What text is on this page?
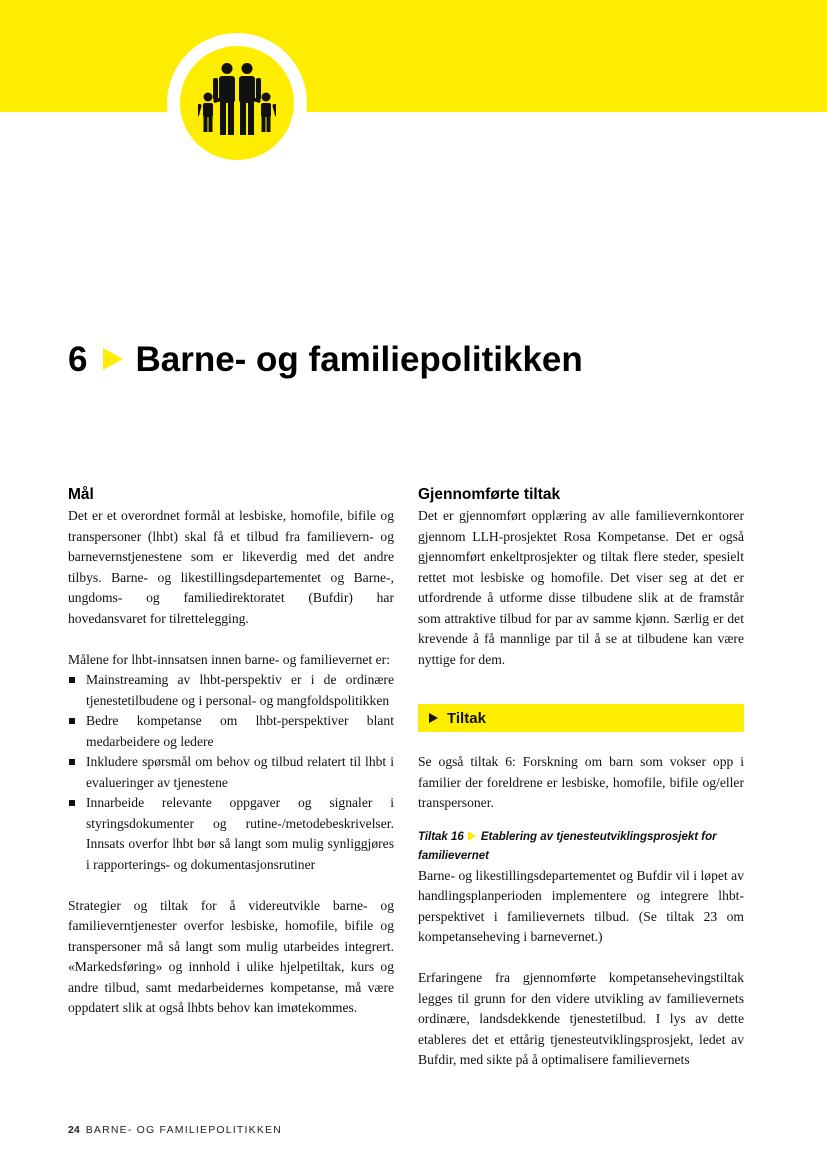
6 Barne- og familiepolitikken
Mål

Det er et overordnet formål at lesbiske, homofile, bifile og transpersoner (lhbt) skal få et tilbud fra familievern- og barnevernstjenestene som er likeverdig med det andre tilbys. Barne- og likestillingsdepartementet og Barne-, ungdoms- og familiedirektoratet (Bufdir) har hovedansvaret for tilrettelegging.

Målene for lhbt-innsatsen innen barne- og familievernet er:

Mainstreaming av lhbt-perspektiv er i de ordinære tjenestetilbudene og i personal- og mangfoldspolitikken
Bedre kompetanse om lhbt-perspektiver blant medarbeidere og ledere
Inkludere spørsmål om behov og tilbud relatert til lhbt i evalueringer av tjenestene
Innarbeide relevante oppgaver og signaler i styringsdokumenter og rutine-/metodebeskrivelser. Innsats overfor lhbt bør så langt som mulig synliggjøres i rapporterings- og dokumentasjonsrutiner

Strategier og tiltak for å videreutvikle barne- og familieverntjenester overfor lesbiske, homofile, bifile og transpersoner må så langt som mulig utarbeides integrert. «Markedsføring» og innhold i ulike hjelpetiltak, kurs og andre tilbud, samt medarbeidernes kompetanse, må være oppdatert slik at også lhbts behov kan imøtekommes.

Gjennomførte tiltak

Det er gjennomført opplæring av alle familievernkontorer gjennom LLH-prosjektet Rosa Kompetanse. Det er også gjennomført enkeltprosjekter og tiltak flere steder, spesielt rettet mot lesbiske og homofile. Det viser seg at det er utfordrende å utforme disse tilbudene slik at de framstår som attraktive tilbud for par av samme kjønn. Særlig er det krevende å få mannlige par til å se at tilbudene kan være nyttige for dem.

Tiltak

Se også tiltak 6: Forskning om barn som vokser opp i familier der foreldrene er lesbiske, homofile, bifile og/eller transpersoner.

Tiltak 16 Etablering av tjenesteutviklingsprosjekt for familievernet

Barne- og likestillingsdepartementet og Bufdir vil i løpet av handlingsplanperioden implementere og integrere lhbt-perspektivet i familievernets tilbud. (Se tiltak 23 om kompetanseheving i barnevernet.)

Erfaringene fra gjennomførte kompetansehevingstiltak legges til grunn for den videre utvikling av familievernets ordinære, landsdekkende tjenestetilbud. I lys av dette etableres det et ettårig tjenesteutviklingsprosjekt, ledet av Bufdir, med sikte på å optimalisere familievernets

24 BARNE- OG FAMILIEPOLITIKKEN
